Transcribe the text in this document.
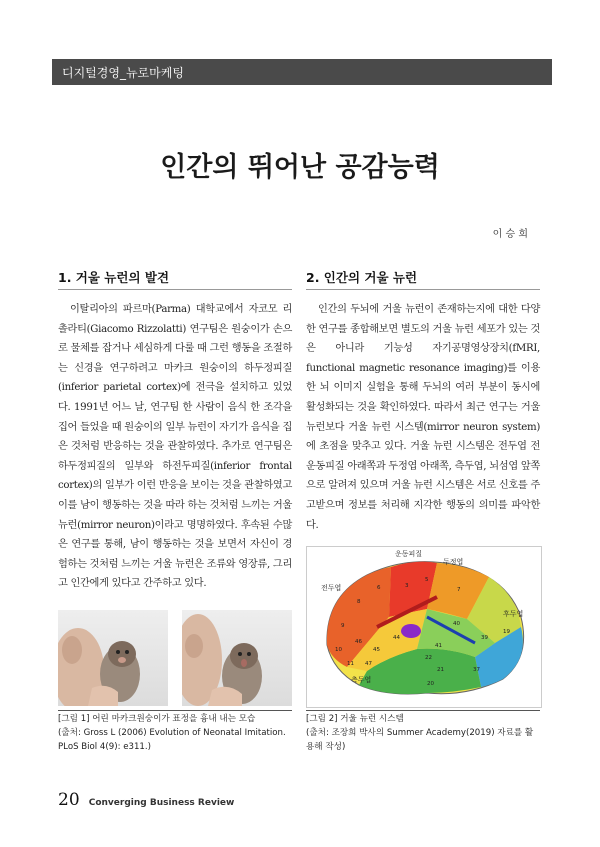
디지털경영_뉴로마케팅
인간의 뛰어난 공감능력
이 승 희
1. 거울 뉴런의 발견

이탈리아의 파르마(Parma) 대학교에서 자코모 리촐라티(Giacomo Rizzolatti) 연구팀은 원숭이가 손으로 물체를 잡거나 세심하게 다룰 때 그런 행동을 조절하는 신경을 연구하려고 마카크 원숭이의 하두정피질(inferior parietal cortex)에 전극을 설치하고 있었다. 1991년 어느 날, 연구팀 한 사람이 음식 한 조각을 집어 들었을 때 원숭이의 일부 뉴런이 자기가 음식을 집은 것처럼 반응하는 것을 관찰하였다. 추가로 연구팀은 하두정피질의 일부와 하전두피질(inferior frontal cortex)의 일부가 이런 반응을 보이는 것을 관찰하였고 이를 남이 행동하는 것을 따라 하는 것처럼 느끼는 거울 뉴런(mirror neuron)이라고 명명하였다. 후속된 수많은 연구를 통해, 남이 행동하는 것을 보면서 자신이 경험하는 것처럼 느끼는 거울 뉴런은 조류와 영장류, 그리고 인간에게 있다고 간주하고 있다.

2. 인간의 거울 뉴런

인간의 두뇌에 거울 뉴런이 존재하는지에 대한 다양한 연구를 종합해보면 별도의 거울 뉴런 세포가 있는 것은 아니라 기능성 자기공명영상장치(fMRI, functional magnetic resonance imaging)를 이용한 뇌 이미지 실험을 통해 두뇌의 여러 부분이 동시에 활성화되는 것을 확인하였다. 따라서 최근 연구는 거울 뉴런보다 거울 뉴런 시스템(mirror neuron system)에 초점을 맞추고 있다. 거울 뉴런 시스템은 전두엽 전운동피질 아래쪽과 두정엽 아래쪽, 측두엽, 뇌섬엽 앞쪽으로 알려져 있으며 거울 뉴런 시스템은 서로 신호를 주고받으며 정보를 처리해 지각한 행동의 의미를 파악한다.

[그림 1] 어린 마카크원숭이가 표정을 흉내 내는 모습
(출처: Gross L (2006) Evolution of Neonatal Imitation.
PLoS Biol 4(9): e311.)
3
5
6	7
8
9
10
11
19
20
21
22
37
39
40
41
44
45
46
47
운동피질
두정엽
전두엽
후두엽
측두엽
[그림 2] 거울 뉴런 시스템
(출처: 조장희 박사의 Summer Academy(2019) 자료를 활
용해 작성)
20 Converging Business Review
